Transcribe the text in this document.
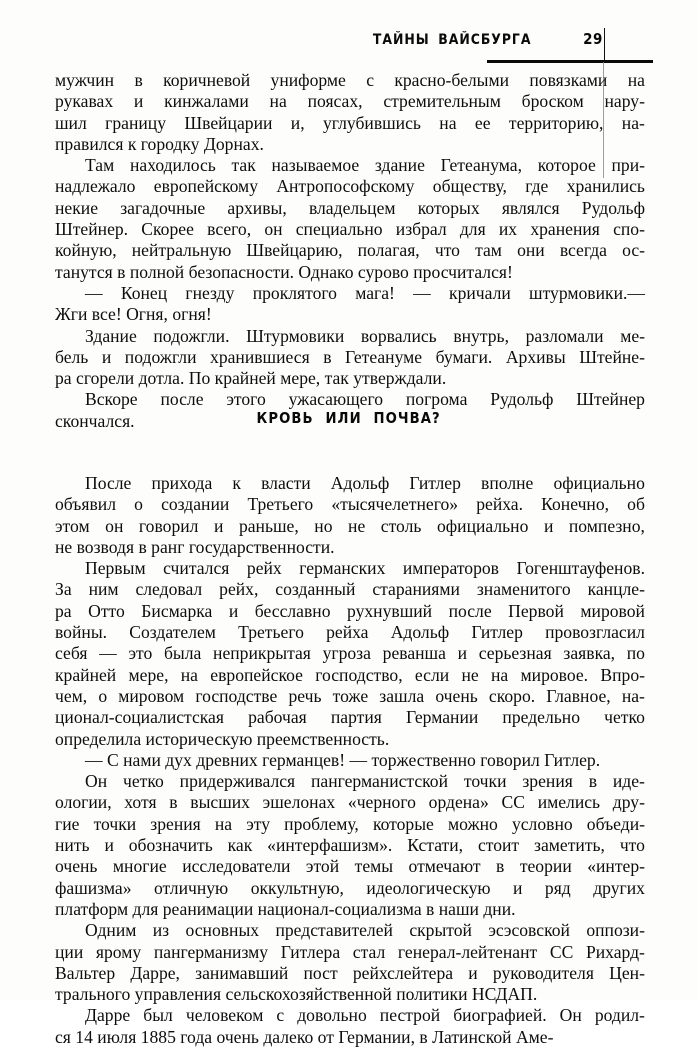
ТАЙНЫ ВАЙСБУРГА	29

мужчин в коричневой униформе с красно-белыми повязками на
рукавах и кинжалами на поясах, стремительным броском нару-
шил границу Швейцарии и, углубившись на ее территорию, на-
правился к городку Дорнах.

Там находилось так называемое здание Гетеанума, которое при-
надлежало европейскому Антропософскому обществу, где хранились
некие загадочные архивы, владельцем которых являлся Рудольф
Штейнер. Скорее всего, он специально избрал для их хранения спо-
койную, нейтральную Швейцарию, полагая, что там они всегда ос-
танутся в полной безопасности. Однако сурово просчитался!

— Конец гнезду проклятого мага! — кричали штурмовики.—
Жги все! Огня, огня!

Здание подожгли. Штурмовики ворвались внутрь, разломали ме-
бель и подожгли хранившиеся в Гетеануме бумаги. Архивы Штейне-
ра сгорели дотла. По крайней мере, так утверждали.

Вскоре после этого ужасающего погрома Рудольф Штейнер
скончался.	КРОВЬ ИЛИ ПОЧВА?

После прихода к власти Адольф Гитлер вполне официально
объявил о создании Третьего «тысячелетнего» рейха. Конечно, об
этом он говорил и раньше, но не столь официально и помпезно,
не возводя в ранг государственности.

Первым считался рейх германских императоров Гогенштауфенов.
За ним следовал рейх, созданный стараниями знаменитого канцле-
ра Отто Бисмарка и бесславно рухнувший после Первой мировой
войны. Создателем Третьего рейха Адольф Гитлер провозгласил
себя — это была неприкрытая угроза реванша и серьезная заявка, по
крайней мере, на европейское господство, если не на мировое. Впро-
чем, о мировом господстве речь тоже зашла очень скоро. Главное, на-
ционал-социалистская рабочая партия Германии предельно четко
определила историческую преемственность.

— С нами дух древних германцев! — торжественно говорил Гитлер.

Он четко придерживался пангерманистской точки зрения в иде-
ологии, хотя в высших эшелонах «черного ордена» СС имелись дру-
гие точки зрения на эту проблему, которые можно условно объеди-
нить и обозначить как «интерфашизм». Кстати, стоит заметить, что
очень многие исследователи этой темы отмечают в теории «интер-
фашизма» отличную оккультную, идеологическую и ряд других
платформ для реанимации национал-социализма в наши дни.

Одним из основных представителей скрытой эсэсовской оппози-
ции ярому пангерманизму Гитлера стал генерал-лейтенант СС Рихард-
Вальтер Дарре, занимавший пост рейхслейтера и руководителя Цен-
трального управления сельскохозяйственной политики НСДАП.

Дарре был человеком с довольно пестрой биографией. Он родил-
ся 14 июля 1885 года очень далеко от Германии, в Латинской Аме-
